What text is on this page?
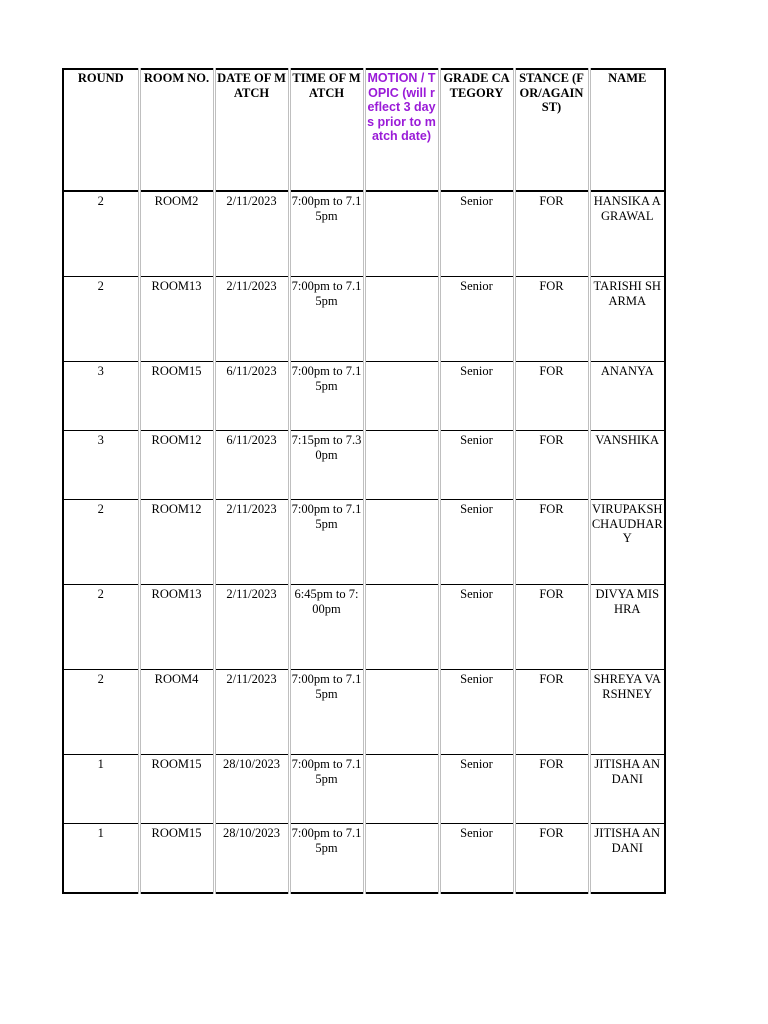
ROUND	ROOM NO.	DATE OF MATCH	TIME OF MATCH	MOTION / TOPIC (will reflect 3 days prior to match date)	GRADE CATEGORY	STANCE (FOR/AGAINST)	NAME
2	ROOM2	2/11/2023	7:00pm to 7.15pm		Senior	FOR	HANSIKA AGRAWAL
2	ROOM13	2/11/2023	7:00pm to 7.15pm		Senior	FOR	TARISHI SHARMA
3	ROOM15	6/11/2023	7:00pm to 7.15pm		Senior	FOR	ANANYA
3	ROOM12	6/11/2023	7:15pm to 7.30pm		Senior	FOR	VANSHIKA
2	ROOM12	2/11/2023	7:00pm to 7.15pm		Senior	FOR	VIRUPAKSH CHAUDHARY
2	ROOM13	2/11/2023	6:45pm to 7:00pm		Senior	FOR	DIVYA MISHRA
2	ROOM4	2/11/2023	7:00pm to 7.15pm		Senior	FOR	SHREYA VARSHNEY
1	ROOM15	28/10/2023	7:00pm to 7.15pm		Senior	FOR	JITISHA ANDANI
1	ROOM15	28/10/2023	7:00pm to 7.15pm		Senior	FOR	JITISHA ANDANI
